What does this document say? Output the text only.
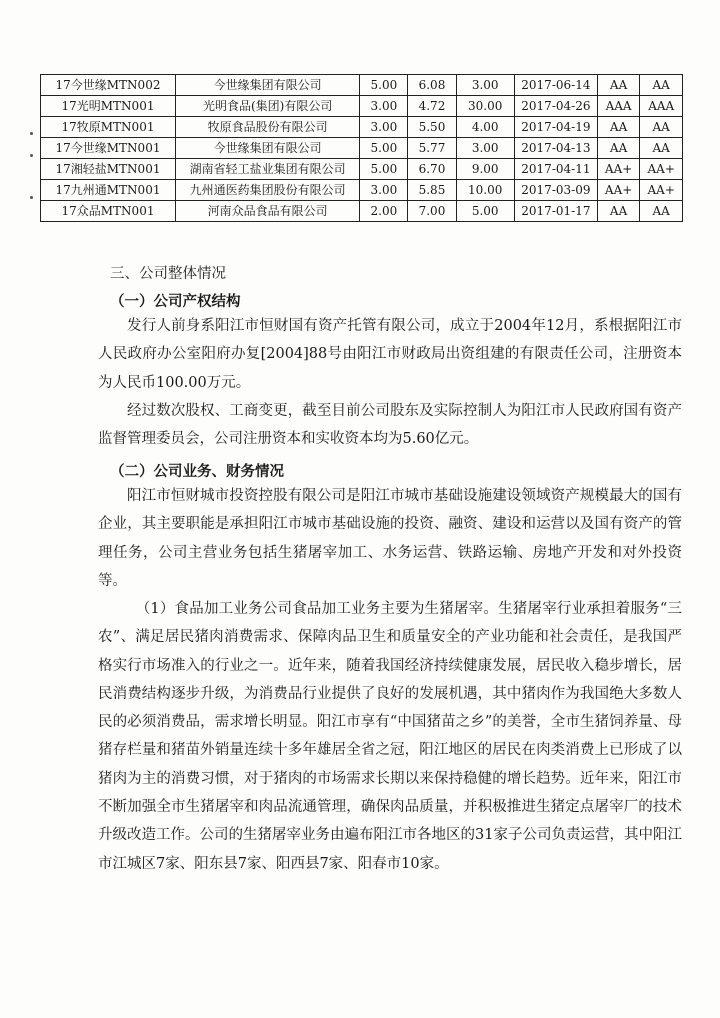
17今世缘MTN002	今世缘集团有限公司	5.00	6.08	3.00	2017-06-14	AA	AA
17光明MTN001	光明食品(集团)有限公司	3.00	4.72	30.00	2017-04-26	AAA	AAA
17牧原MTN001	牧原食品股份有限公司	3.00	5.50	4.00	2017-04-19	AA	AA
17今世缘MTN001	今世缘集团有限公司	5.00	5.77	3.00	2017-04-13	AA	AA
17湘轻盐MTN001	湖南省轻工盐业集团有限公司	5.00	6.70	9.00	2017-04-11	AA+	AA+
17九州通MTN001	九州通医药集团股份有限公司	3.00	5.85	10.00	2017-03-09	AA+	AA+
17众品MTN001	河南众品食品有限公司	2.00	7.00	5.00	2017-01-17	AA	AA
三、公司整体情况
（一）公司产权结构

发行人前身系阳江市恒财国有资产托管有限公司，成立于2004年12月，系根据阳江市人民政府办公室阳府办复[2004]88号由阳江市财政局出资组建的有限责任公司，注册资本为人民币100.00万元。

经过数次股权、工商变更，截至目前公司股东及实际控制人为阳江市人民政府国有资产监督管理委员会，公司注册资本和实收资本均为5.60亿元。

（二）公司业务、财务情况

阳江市恒财城市投资控股有限公司是阳江市城市基础设施建设领域资产规模最大的国有企业，其主要职能是承担阳江市城市基础设施的投资、融资、建设和运营以及国有资产的管理任务，公司主营业务包括生猪屠宰加工、水务运营、铁路运输、房地产开发和对外投资等。

（1）食品加工业务公司食品加工业务主要为生猪屠宰。生猪屠宰行业承担着服务“三农”、满足居民猪肉消费需求、保障肉品卫生和质量安全的产业功能和社会责任，是我国严格实行市场准入的行业之一。近年来，随着我国经济持续健康发展，居民收入稳步增长，居民消费结构逐步升级，为消费品行业提供了良好的发展机遇，其中猪肉作为我国绝大多数人民的必须消费品，需求增长明显。阳江市享有“中国猪苗之乡”的美誉，全市生猪饲养量、母猪存栏量和猪苗外销量连续十多年雄居全省之冠，阳江地区的居民在肉类消费上已形成了以猪肉为主的消费习惯，对于猪肉的市场需求长期以来保持稳健的增长趋势。近年来，阳江市不断加强全市生猪屠宰和肉品流通管理，确保肉品质量，并积极推进生猪定点屠宰厂的技术升级改造工作。公司的生猪屠宰业务由遍布阳江市各地区的31家子公司负责运营，其中阳江市江城区7家、阳东县7家、阳西县7家、阳春市10家。
